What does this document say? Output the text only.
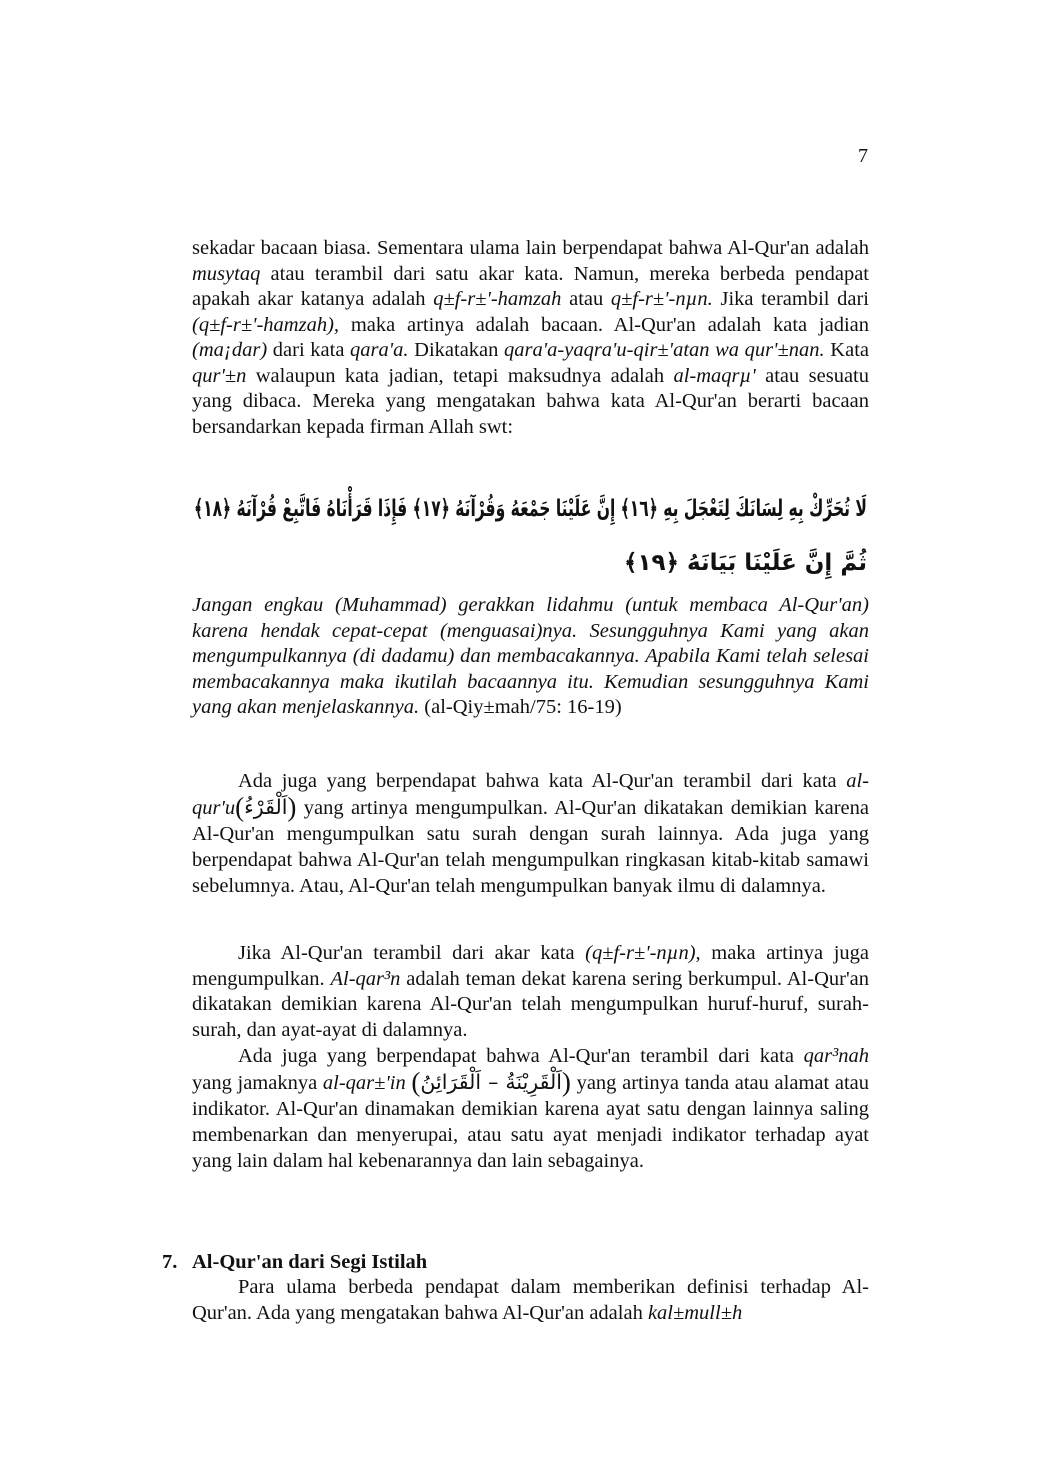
7

sekadar bacaan biasa. Sementara ulama lain berpendapat bahwa Al-Qur'an adalah musytaq atau terambil dari satu akar kata. Namun, mereka berbeda pendapat apakah akar katanya adalah q±f-r±'-hamzah atau q±f-r±'-nµn. Jika terambil dari (q±f-r±'-hamzah), maka artinya adalah bacaan. Al-Qur'an adalah kata jadian (ma¡dar) dari kata qara'a. Dikatakan qara'a-yaqra'u-qir±'atan wa qur'±nan. Kata qur'±n walaupun kata jadian, tetapi maksudnya adalah al-maqrµ' atau sesuatu yang dibaca. Mereka yang mengatakan bahwa kata Al-Qur'an berarti bacaan bersandarkan kepada firman Allah swt:

لَا تُحَرِّكْ بِهِ لِسَانَكَ لِتَعْجَلَ بِهِ ﴿١٦﴾ إِنَّ عَلَيْنَا جَمْعَهُ وَقُرْآنَهُ ﴿١٧﴾ فَإِذَا قَرَأْنَاهُ فَاتَّبِعْ قُرْآنَهُ ﴿١٨﴾
ثُمَّ إِنَّ عَلَيْنَا بَيَانَهُ ﴿١٩﴾

Jangan engkau (Muhammad) gerakkan lidahmu (untuk membaca Al-Qur'an) karena hendak cepat-cepat (menguasai)nya. Sesungguhnya Kami yang akan mengumpulkannya (di dadamu) dan membacakannya. Apabila Kami telah selesai membacakannya maka ikutilah bacaannya itu. Kemudian sesungguhnya Kami yang akan menjelaskannya. (al-Qiy±mah/75: 16-19)

Ada juga yang berpendapat bahwa kata Al-Qur'an terambil dari kata al-qur'u(اَلْقَرْءُ) yang artinya mengumpulkan. Al-Qur'an dikatakan demikian karena Al-Qur'an mengumpulkan satu surah dengan surah lainnya. Ada juga yang berpendapat bahwa Al-Qur'an telah mengumpulkan ringkasan kitab-kitab samawi sebelumnya. Atau, Al-Qur'an telah mengumpulkan banyak ilmu di dalamnya.

Jika Al-Qur'an terambil dari akar kata (q±f-r±'-nµn), maka artinya juga mengumpulkan. Al-qar³n adalah teman dekat karena sering berkumpul. Al-Qur'an dikatakan demikian karena Al-Qur'an telah mengumpulkan huruf-huruf, surah-surah, dan ayat-ayat di dalamnya.

Ada juga yang berpendapat bahwa Al-Qur'an terambil dari kata qar³nah yang jamaknya al-qar±'in (اَلْقَرِيْنَةُ – اَلْقَرَائِنُ) yang artinya tanda atau alamat atau indikator. Al-Qur'an dinamakan demikian karena ayat satu dengan lainnya saling membenarkan dan menyerupai, atau satu ayat menjadi indikator terhadap ayat yang lain dalam hal kebenarannya dan lain sebagainya.

7. Al-Qur'an dari Segi Istilah

Para ulama berbeda pendapat dalam memberikan definisi terhadap Al-Qur'an. Ada yang mengatakan bahwa Al-Qur'an adalah kal±mull±h
